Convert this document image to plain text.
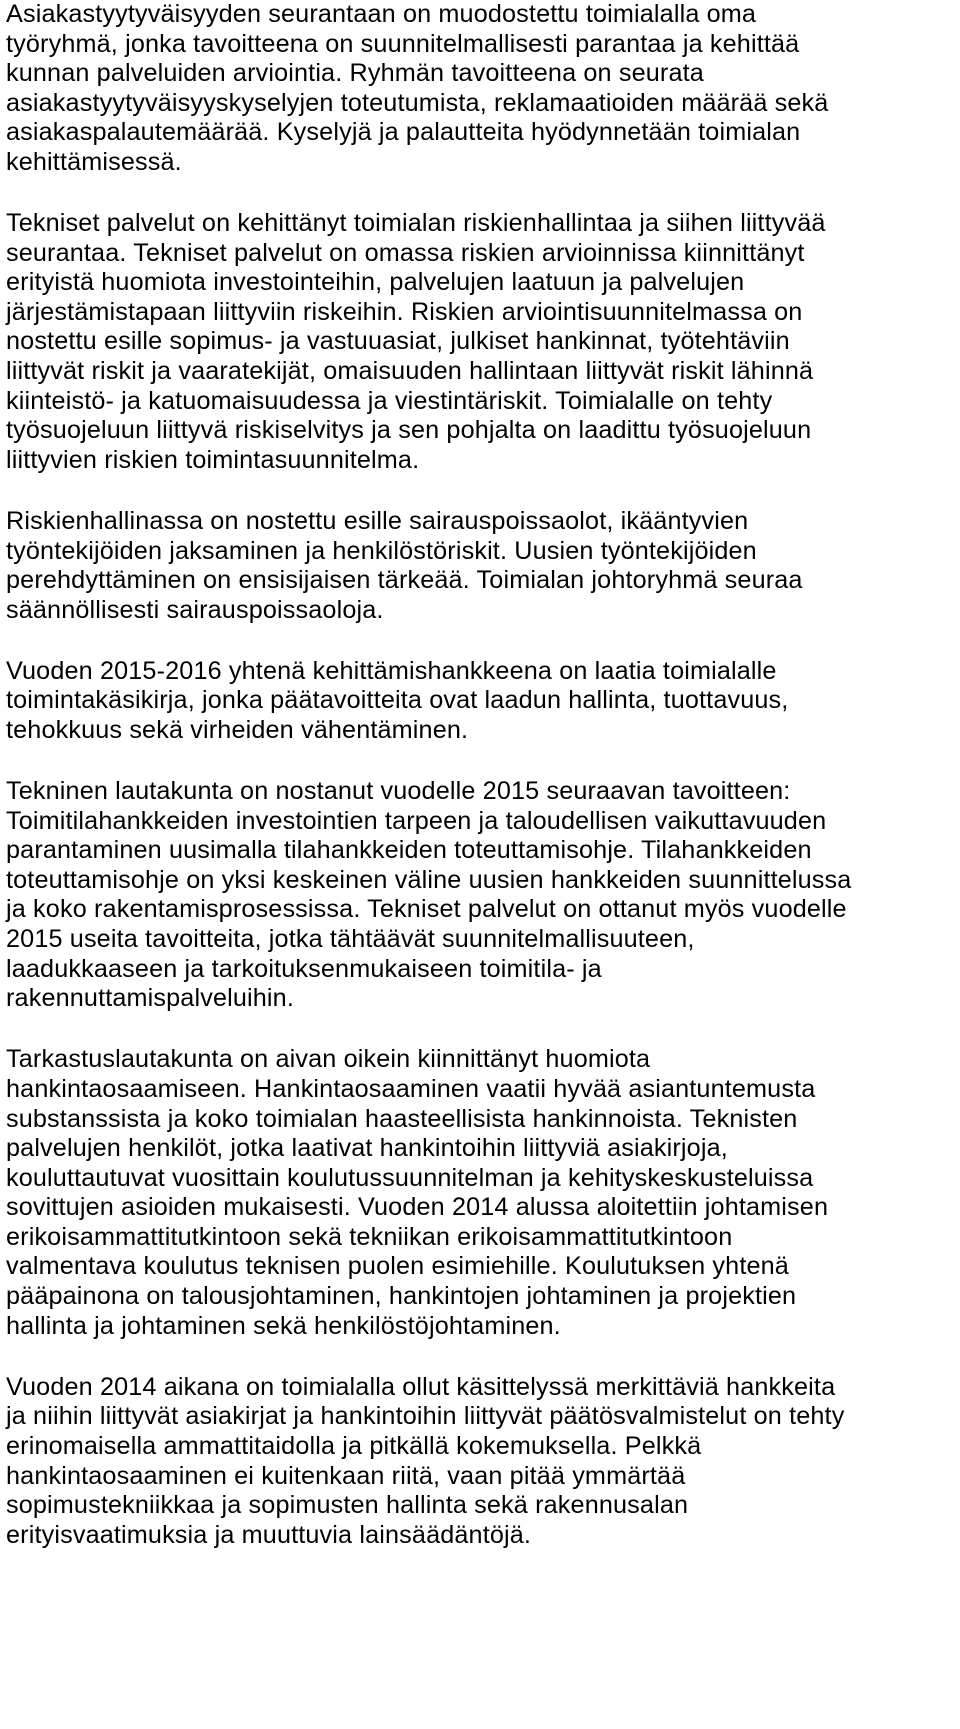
Asiakastyytyväisyyden seurantaan on muodostettu toimialalla oma
työryhmä, jonka tavoitteena on suunnitelmallisesti parantaa ja kehittää
kunnan palveluiden arviointia. Ryhmän tavoitteena on seurata
asiakastyytyväisyyskyselyjen toteutumista, reklamaatioiden määrää sekä
asiakaspalautemäärää. Kyselyjä ja palautteita hyödynnetään toimialan
kehittämisessä.
Tekniset palvelut on kehittänyt toimialan riskienhallintaa ja siihen liittyvää
seurantaa. Tekniset palvelut on omassa riskien arvioinnissa kiinnittänyt
erityistä huomiota investointeihin, palvelujen laatuun ja palvelujen
järjestämistapaan liittyviin riskeihin. Riskien arviointisuunnitelmassa on
nostettu esille sopimus- ja vastuuasiat, julkiset hankinnat, työtehtäviin
liittyvät riskit ja vaaratekijät, omaisuuden hallintaan liittyvät riskit lähinnä
kiinteistö- ja katuomaisuudessa ja viestintäriskit. Toimialalle on tehty
työsuojeluun liittyvä riskiselvitys ja sen pohjalta on laadittu työsuojeluun
liittyvien riskien toimintasuunnitelma.
Riskienhallinassa on nostettu esille sairauspoissaolot, ikääntyvien
työntekijöiden jaksaminen ja henkilöstöriskit. Uusien työntekijöiden
perehdyttäminen on ensisijaisen tärkeää. Toimialan johtoryhmä seuraa
säännöllisesti sairauspoissaoloja.
Vuoden 2015-2016 yhtenä kehittämishankkeena on laatia toimialalle
toimintakäsikirja, jonka päätavoitteita ovat laadun hallinta, tuottavuus,
tehokkuus sekä virheiden vähentäminen.
Tekninen lautakunta on nostanut vuodelle 2015 seuraavan tavoitteen:
Toimitilahankkeiden investointien tarpeen ja taloudellisen vaikuttavuuden
parantaminen uusimalla tilahankkeiden toteuttamisohje. Tilahankkeiden
toteuttamisohje on yksi keskeinen väline uusien hankkeiden suunnittelussa
ja koko rakentamisprosessissa. Tekniset palvelut on ottanut myös vuodelle
2015 useita tavoitteita, jotka tähtäävät suunnitelmallisuuteen,
laadukkaaseen ja tarkoituksenmukaiseen toimitila- ja
rakennuttamispalveluihin.
Tarkastuslautakunta on aivan oikein kiinnittänyt huomiota
hankintaosaamiseen. Hankintaosaaminen vaatii hyvää asiantuntemusta
substanssista ja koko toimialan haasteellisista hankinnoista. Teknisten
palvelujen henkilöt, jotka laativat hankintoihin liittyviä asiakirjoja,
kouluttautuvat vuosittain koulutussuunnitelman ja kehityskeskusteluissa
sovittujen asioiden mukaisesti. Vuoden 2014 alussa aloitettiin johtamisen
erikoisammattitutkintoon sekä tekniikan erikoisammattitutkintoon
valmentava koulutus teknisen puolen esimiehille. Koulutuksen yhtenä
pääpainona on talousjohtaminen, hankintojen johtaminen ja projektien
hallinta ja johtaminen sekä henkilöstöjohtaminen.
Vuoden 2014 aikana on toimialalla ollut käsittelyssä merkittäviä hankkeita
ja niihin liittyvät asiakirjat ja hankintoihin liittyvät päätösvalmistelut on tehty
erinomaisella ammattitaidolla ja pitkällä kokemuksella. Pelkkä
hankintaosaaminen ei kuitenkaan riitä, vaan pitää ymmärtää
sopimustekniikkaa ja sopimusten hallinta sekä rakennusalan
erityisvaatimuksia ja muuttuvia lainsäädäntöjä.
